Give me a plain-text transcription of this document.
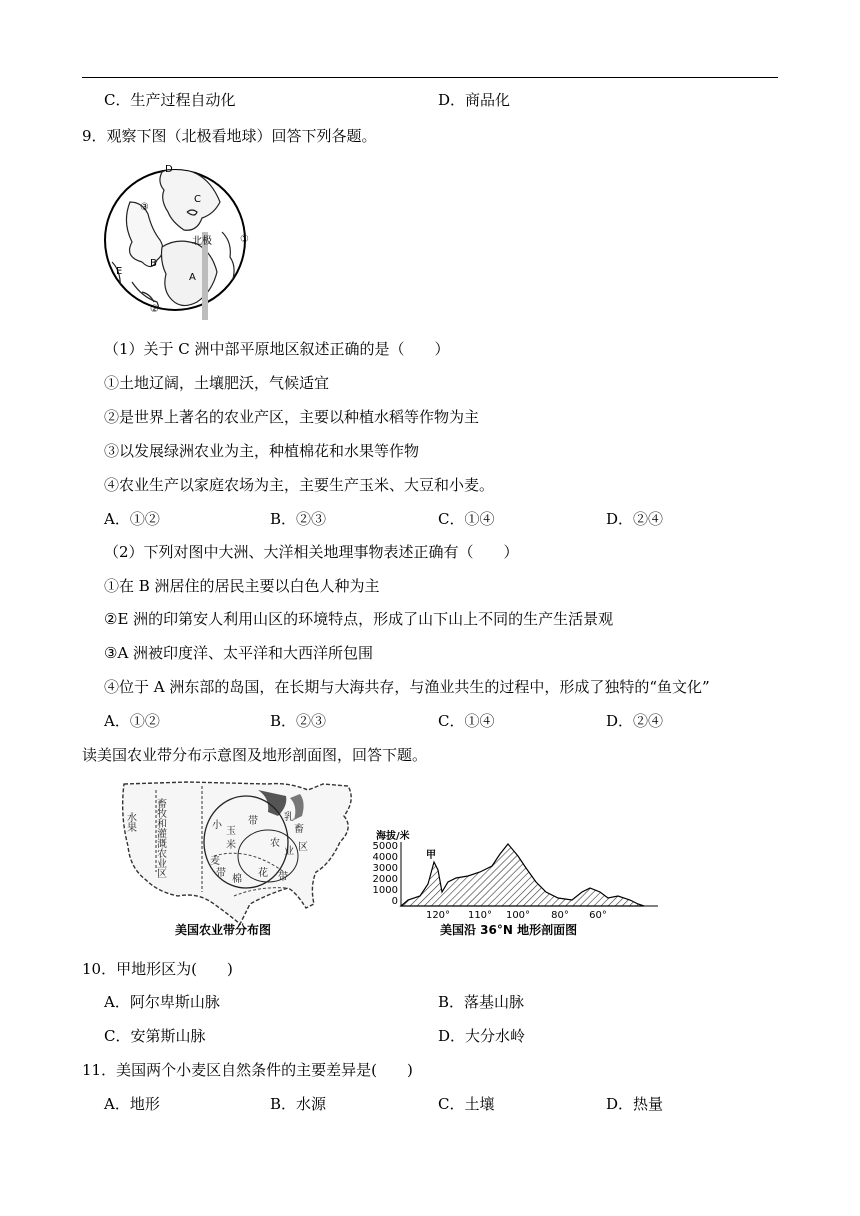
C．生产过程自动化	D．商品化
9．观察下图（北极看地球）回答下列各题。
D
C
③
①
北极
B
E
A
②
（1）关于 C 洲中部平原地区叙述正确的是（　　）
①土地辽阔，土壤肥沃，气候适宜
②是世界上著名的农业产区，主要以种植水稻等作物为主
③以发展绿洲农业为主，种植棉花和水果等作物
④农业生产以家庭农场为主，主要生产玉米、大豆和小麦。
A．①②	B．②③	C．①④	D．②④
（2）下列对图中大洲、大洋相关地理事物表述正确有（　　）
①在 B 洲居住的居民主要以白色人种为主
②E 洲的印第安人利用山区的环境特点，形成了山下山上不同的生产生活景观
③A 洲被印度洋、太平洋和大西洋所包围
④位于 A 洲东部的岛国，在长期与大海共存，与渔业共生的过程中，形成了独特的“鱼文化”
A．①②	B．②③	C．①④	D．②④
读美国农业带分布示意图及地形剖面图，回答下题。
畜牧和灌溉农业区
水果	玉
米
带	乳
畜
农
业 区
棉
花 带
小
麦
带
美国农业带分布图
海拔/米
5000
4000
3000
2000
1000
0
甲
120° 110° 100° 80° 60°
美国沿 36°N 地形剖面图
10．甲地形区为(　　)
A．阿尔卑斯山脉	B．落基山脉
C．安第斯山脉	D．大分水岭
11．美国两个小麦区自然条件的主要差异是(　　)
A．地形	B．水源	C．土壤	D．热量
